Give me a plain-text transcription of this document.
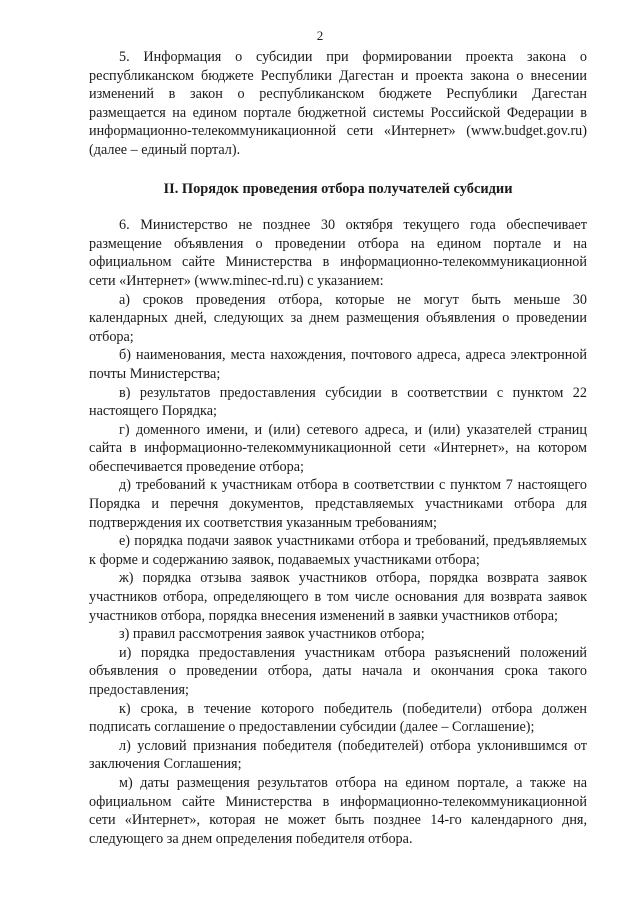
2

5. Информация о субсидии при формировании проекта закона о республиканском бюджете Республики Дагестан и проекта закона о внесении изменений в закон о республиканском бюджете Республики Дагестан размещается на едином портале бюджетной системы Российской Федерации в информационно-телекоммуникационной сети «Интернет» (www.budget.gov.ru) (далее – единый портал).

II. Порядок проведения отбора получателей субсидии

6. Министерство не позднее 30 октября текущего года обеспечивает размещение объявления о проведении отбора на едином портале и на официальном сайте Министерства в информационно-телекоммуникационной сети «Интернет» (www.minec-rd.ru) с указанием:

а) сроков проведения отбора, которые не могут быть меньше 30 календарных дней, следующих за днем размещения объявления о проведении отбора;

б) наименования, места нахождения, почтового адреса, адреса электронной почты Министерства;

в) результатов предоставления субсидии в соответствии с пунктом 22 настоящего Порядка;

г) доменного имени, и (или) сетевого адреса, и (или) указателей страниц сайта в информационно-телекоммуникационной сети «Интернет», на котором обеспечивается проведение отбора;

д) требований к участникам отбора в соответствии с пунктом 7 настоящего Порядка и перечня документов, представляемых участниками отбора для подтверждения их соответствия указанным требованиям;

е) порядка подачи заявок участниками отбора и требований, предъявляемых к форме и содержанию заявок, подаваемых участниками отбора;

ж) порядка отзыва заявок участников отбора, порядка возврата заявок участников отбора, определяющего в том числе основания для возврата заявок участников отбора, порядка внесения изменений в заявки участников отбора;

з) правил рассмотрения заявок участников отбора;

и) порядка предоставления участникам отбора разъяснений положений объявления о проведении отбора, даты начала и окончания срока такого предоставления;

к) срока, в течение которого победитель (победители) отбора должен подписать соглашение о предоставлении субсидии (далее – Соглашение);

л) условий признания победителя (победителей) отбора уклонившимся от заключения Соглашения;

м) даты размещения результатов отбора на едином портале, а также на официальном сайте Министерства в информационно-телекоммуникационной сети «Интернет», которая не может быть позднее 14-го календарного дня, следующего за днем определения победителя отбора.
